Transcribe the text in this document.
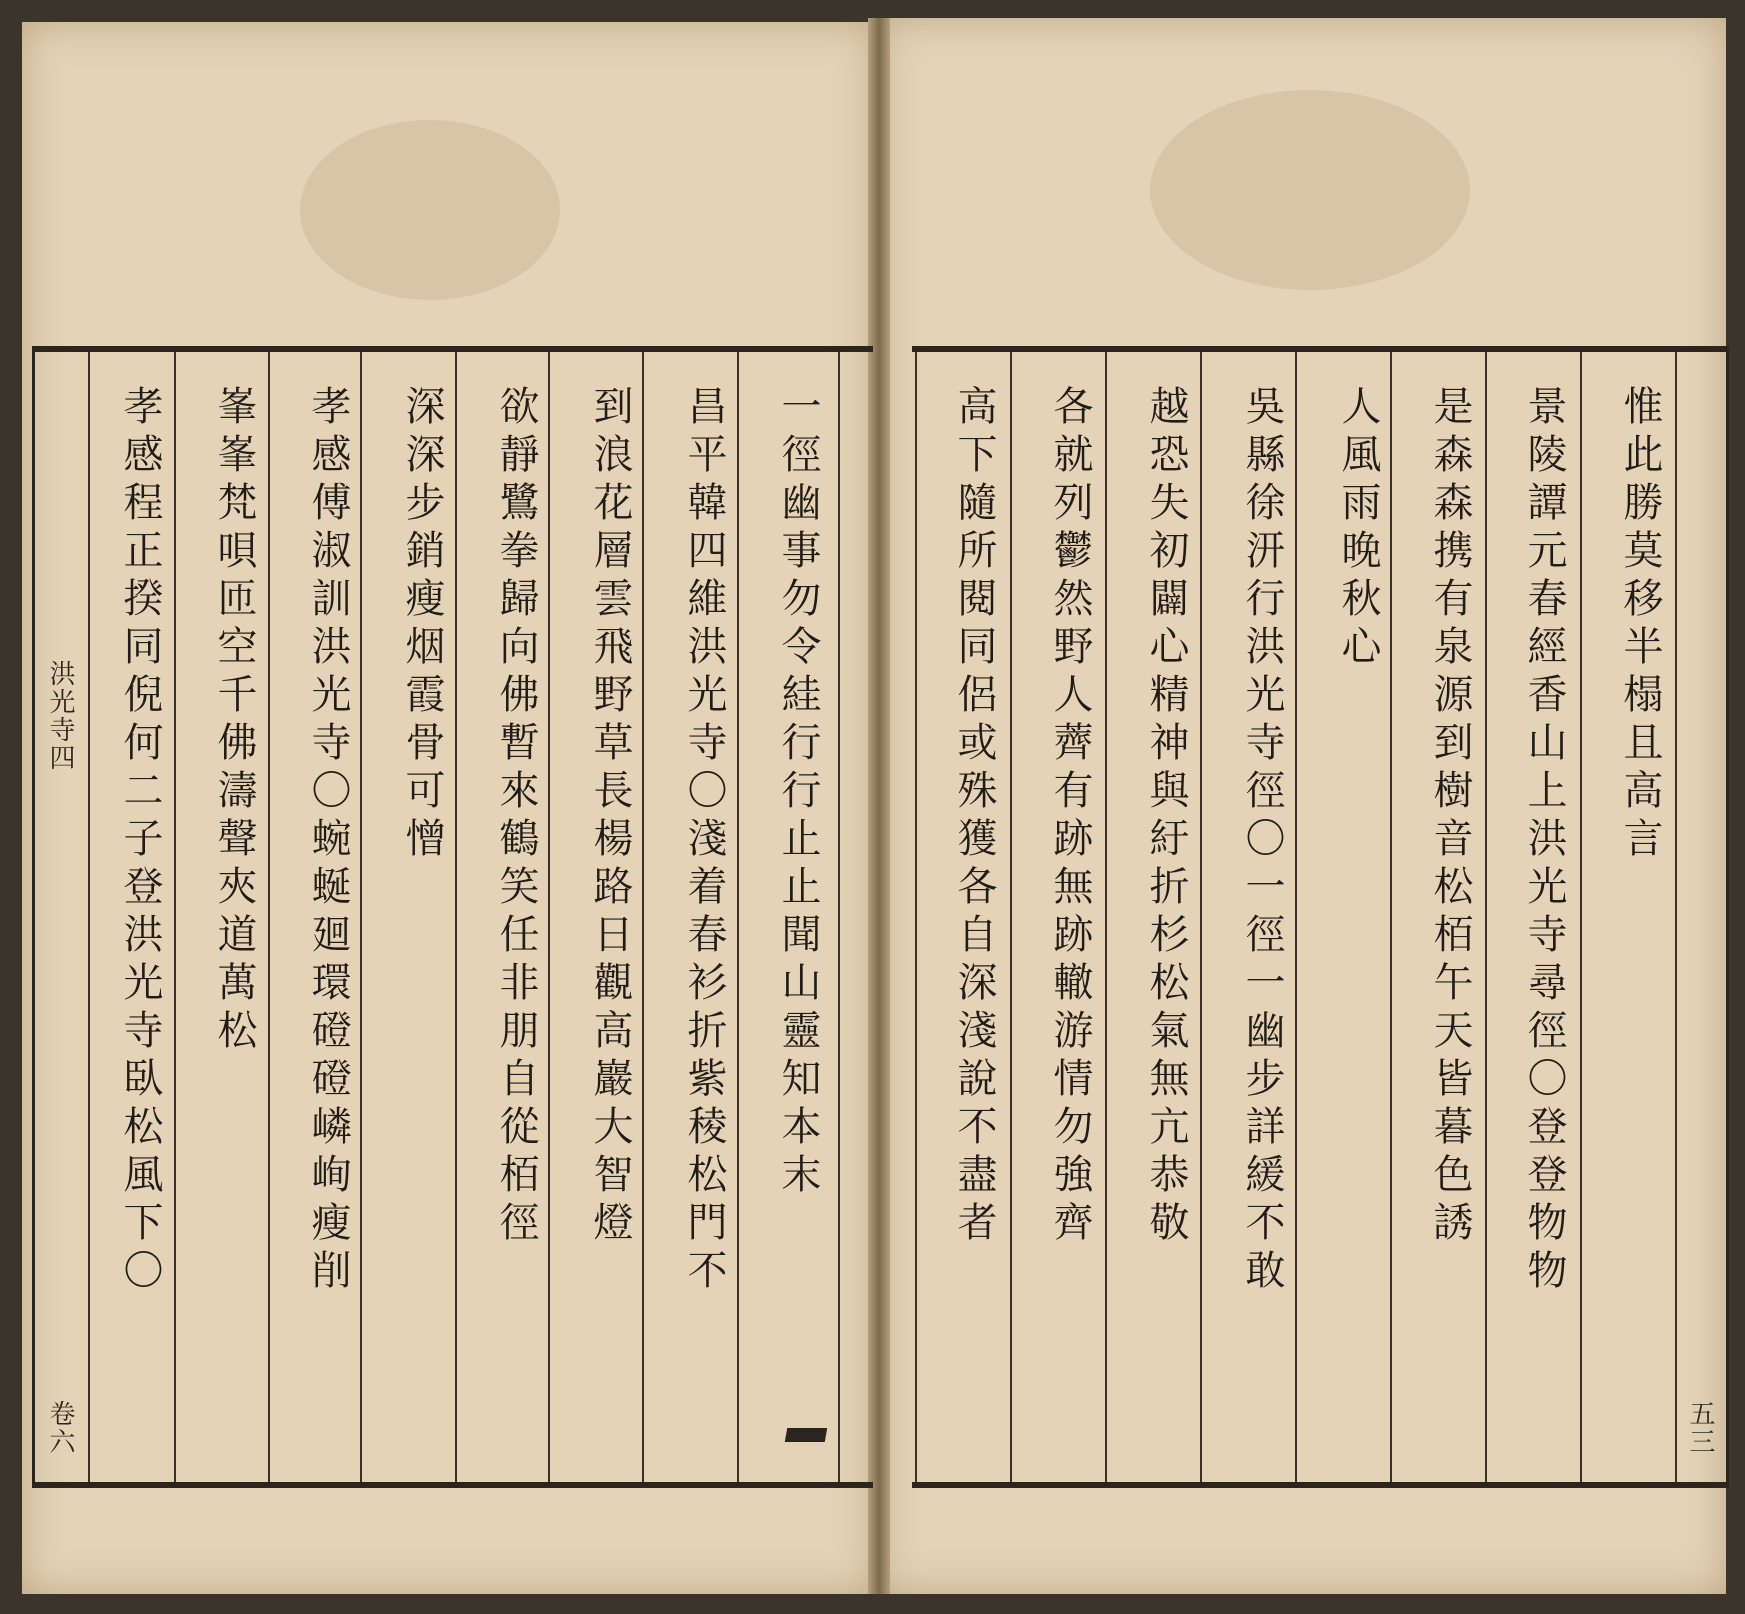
洪光寺四
卷六	五三
一徑幽事勿令絓行行止止聞山靈知本末
昌平韓四維洪光寺〇淺着春衫折紫稜松門不
到浪花層雲飛野草長楊路日觀高巖大智燈
欲靜鷺拳歸向佛暫來鶴笑任非朋自從栢徑
深深步銷瘦烟霞骨可憎
孝感傅淑訓洪光寺〇蜿蜒廻環磴磴嶙峋瘦削
峯峯梵唄匝空千佛濤聲夾道萬松
孝感程正揆同倪何二子登洪光寺臥松風下〇	惟此勝莫移半榻且高言
景陵譚元春經香山上洪光寺尋徑〇登登物物
是森森携有泉源到樹音松栢午天皆暮色誘
人風雨晚秋心
吳縣徐汧行洪光寺徑〇一徑一幽步詳緩不敢
越恐失初闢心精神與紆折杉松氣無亢恭敬
各就列鬱然野人薺有跡無跡轍游情勿強齊
高下隨所閱同侶或殊獲各自深淺說不盡者
